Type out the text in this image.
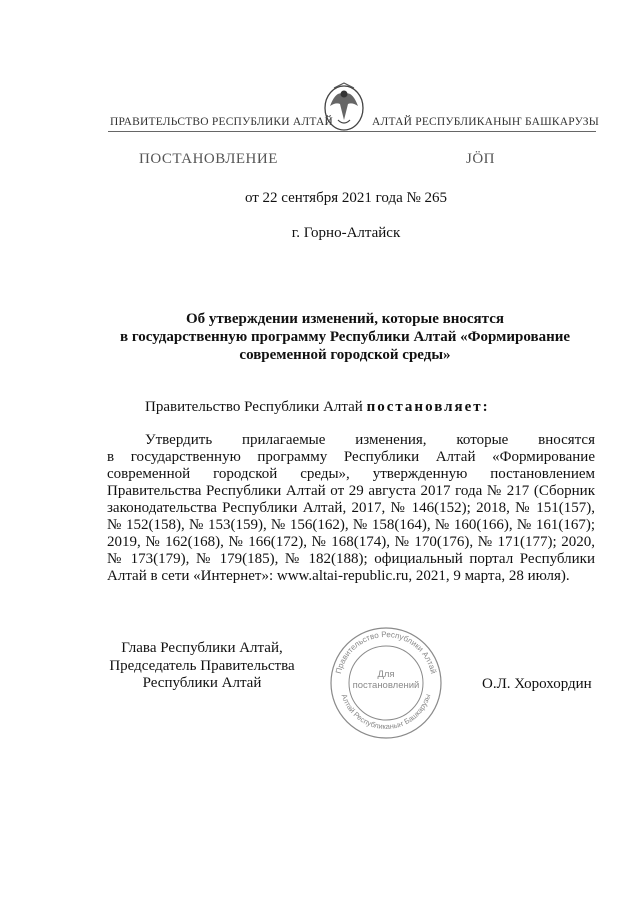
ПРАВИТЕЛЬСТВО РЕСПУБЛИКИ АЛТАЙ	АЛТАЙ РЕСПУБЛИКАНЫҤ БАШКАРУЗЫ
ПОСТАНОВЛЕНИЕ	ЈӦП
от 22 сентября 2021 года № 265
г. Горно-Алтайск
Об утверждении изменений, которые вносятся
в государственную программу Республики Алтай «Формирование
современной городской среды»
Правительство Республики Алтай постановляет:
Утвердить прилагаемые изменения, которые вносятся
в государственную программу Республики Алтай «Формирование
современной городской среды», утвержденную постановлением
Правительства Республики Алтай от 29 августа 2017 года № 217 (Сборник
законодательства Республики Алтай, 2017, № 146(152); 2018, № 151(157),
№ 152(158), № 153(159), № 156(162), № 158(164), № 160(166), № 161(167);
2019, № 162(168), № 166(172), № 168(174), № 170(176), № 171(177); 2020,
№ 173(179), № 179(185), № 182(188); официальный портал Республики
Алтай в сети «Интернет»: www.altai-republic.ru, 2021, 9 марта, 28 июля).
Глава Республики Алтай,
Председатель Правительства
Республики Алтай	О.Л. Хорохордин
Правительство Республики Алтай
Алтай Республиканыҥ Башкарузы
Для
постановлений
